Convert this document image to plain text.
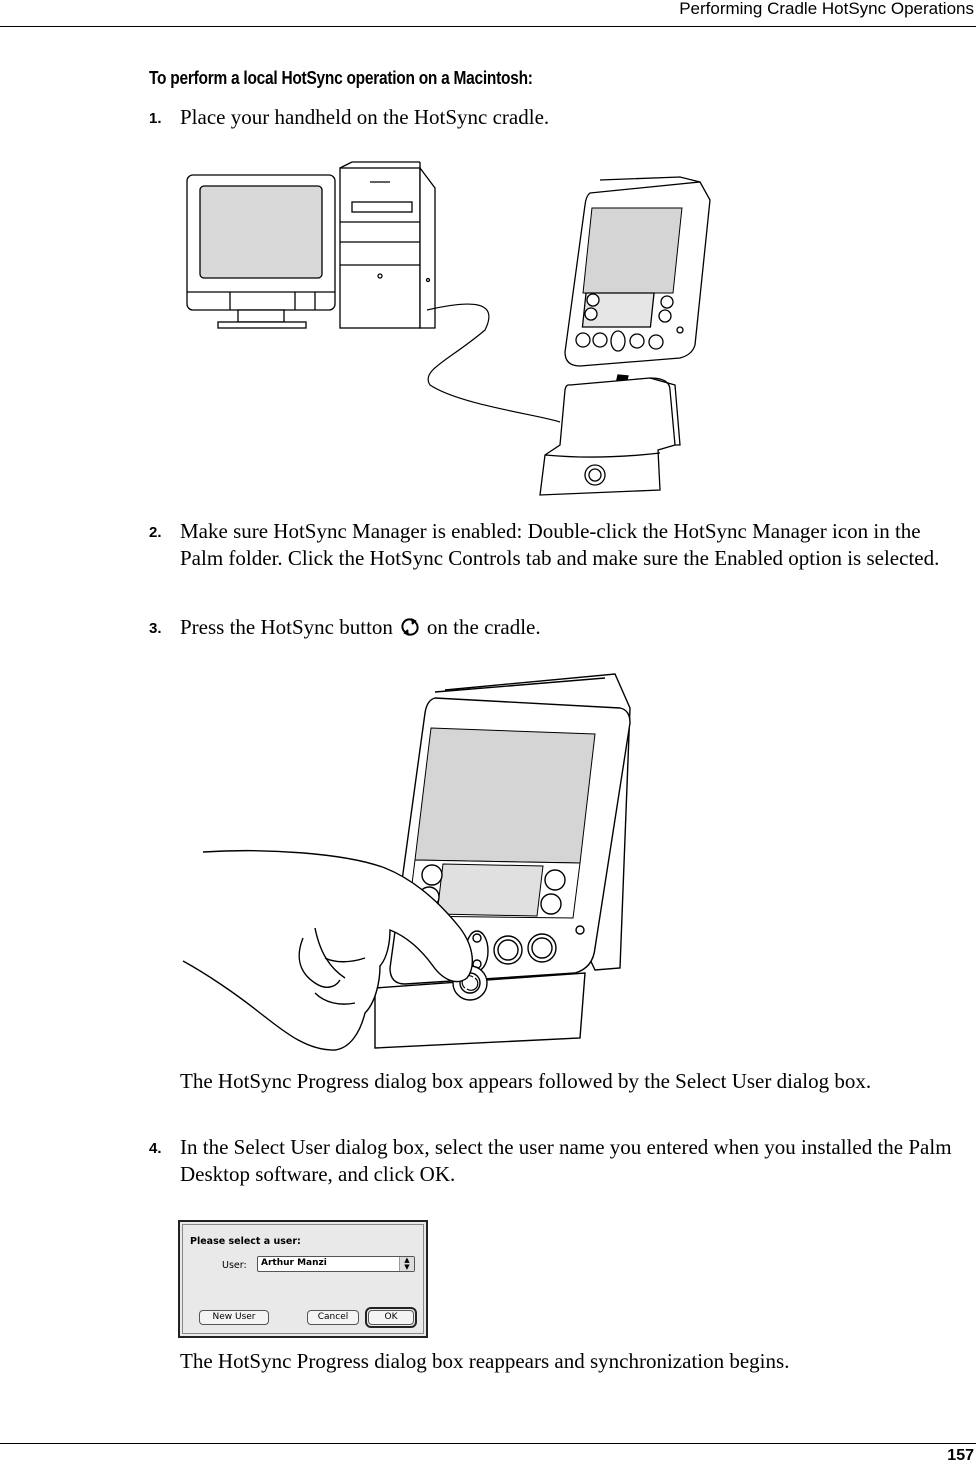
Performing Cradle HotSync Operations
To perform a local HotSync operation on a Macintosh:
1. Place your handheld on the HotSync cradle.
2. Make sure HotSync Manager is enabled: Double-click the HotSync Manager icon in the Palm folder. Click the HotSync Controls tab and make sure the Enabled option is selected.
3. Press the HotSync button on the cradle.
The HotSync Progress dialog box appears followed by the Select User dialog box.
4. In the Select User dialog box, select the user name you entered when you installed the Palm Desktop software, and click OK.
Please select a user:
User: Arthur Manzi	▲
▼
New User	Cancel	OK
The HotSync Progress dialog box reappears and synchronization begins.
157
